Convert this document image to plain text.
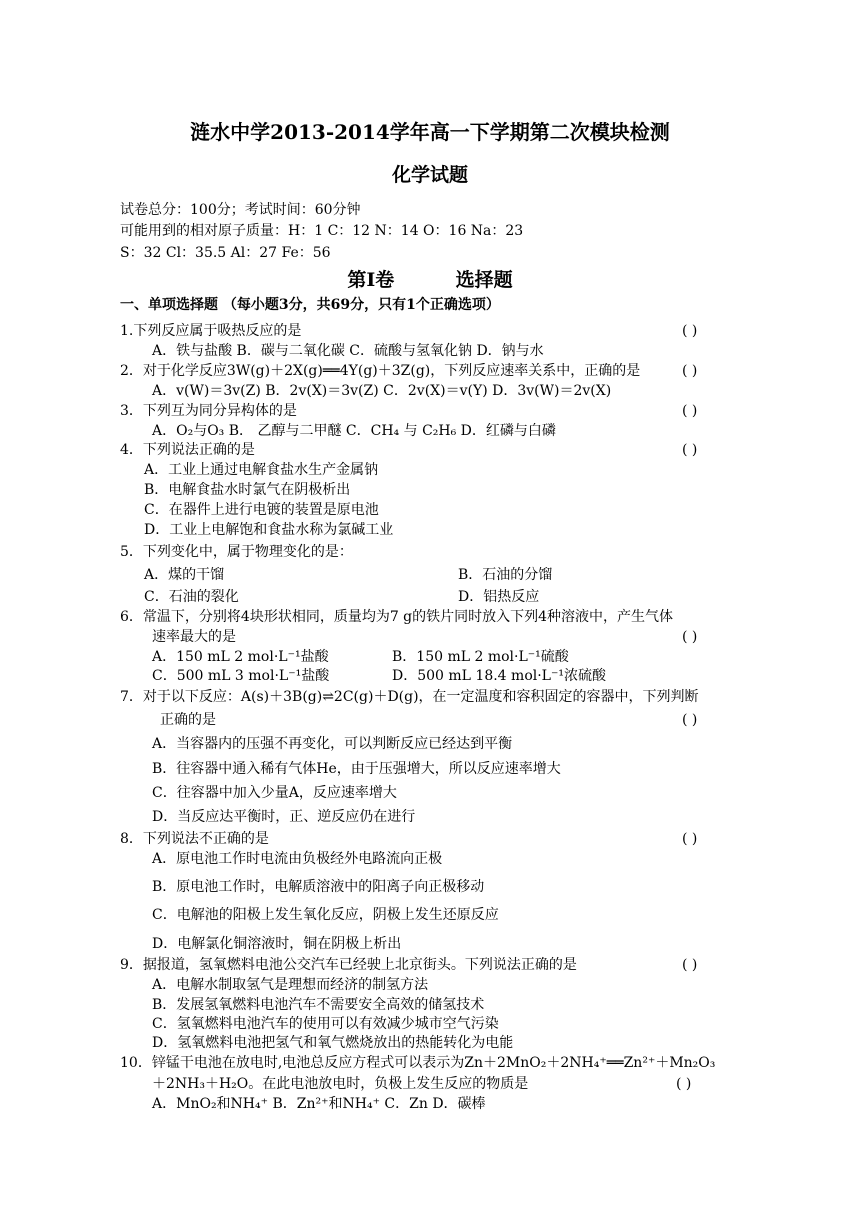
涟水中学2013-2014学年高一下学期第二次模块检测
化学试题
试卷总分：100分；考试时间：60分钟
可能用到的相对原子质量：H：1 C：12 N：14 O：16 Na：23
S：32 Cl：35.5 Al：27 Fe：56
第Ⅰ卷	选择题
一、单项选择题 （每小题3分，共69分，只有1个正确选项）
1.下列反应属于吸热反应的是	( )
A．铁与盐酸 B．碳与二氧化碳 C．硫酸与氢氧化钠 D．钠与水
2．对于化学反应3W(g)＋2X(g)══4Y(g)＋3Z(g)，下列反应速率关系中，正确的是	( )
A．v(W)＝3v(Z) B．2v(X)＝3v(Z) C．2v(X)＝v(Y) D．3v(W)＝2v(X)
3．下列互为同分异构体的是	( )
A．O₂与O₃ B． 乙醇与二甲醚 C．CH₄ 与 C₂H₆ D．红磷与白磷
4．下列说法正确的是	( )
A．工业上通过电解食盐水生产金属钠
B．电解食盐水时氯气在阴极析出
C．在器件上进行电镀的装置是原电池
D．工业上电解饱和食盐水称为氯碱工业
5．下列变化中，属于物理变化的是：
A．煤的干馏	B．石油的分馏
C．石油的裂化	D．铝热反应
6．常温下，分别将4块形状相同，质量均为7 g的铁片同时放入下列4种溶液中，产生气体
速率最大的是	( )
A．150 mL 2 mol·L⁻¹盐酸	B．150 mL 2 mol·L⁻¹硫酸
C．500 mL 3 mol·L⁻¹盐酸	D．500 mL 18.4 mol·L⁻¹浓硫酸
7．对于以下反应：A(s)＋3B(g)⇌2C(g)＋D(g)，在一定温度和容积固定的容器中，下列判断
正确的是	( )
A．当容器内的压强不再变化，可以判断反应已经达到平衡
B．往容器中通入稀有气体He，由于压强增大，所以反应速率增大
C．往容器中加入少量A，反应速率增大
D．当反应达平衡时，正、逆反应仍在进行
8．下列说法不正确的是	( )
A．原电池工作时电流由负极经外电路流向正极
B．原电池工作时，电解质溶液中的阳离子向正极移动
C．电解池的阳极上发生氧化反应，阴极上发生还原反应
D．电解氯化铜溶液时，铜在阴极上析出
9．据报道，氢氧燃料电池公交汽车已经驶上北京街头。下列说法正确的是	( )
A．电解水制取氢气是理想而经济的制氢方法
B．发展氢氧燃料电池汽车不需要安全高效的储氢技术
C．氢氧燃料电池汽车的使用可以有效减少城市空气污染
D．氢氧燃料电池把氢气和氧气燃烧放出的热能转化为电能
10．锌锰干电池在放电时,电池总反应方程式可以表示为Zn＋2MnO₂＋2NH₄⁺══Zn²⁺＋Mn₂O₃
＋2NH₃＋H₂O。在此电池放电时，负极上发生反应的物质是	( )
A．MnO₂和NH₄⁺ B．Zn²⁺和NH₄⁺ C．Zn D．碳棒
